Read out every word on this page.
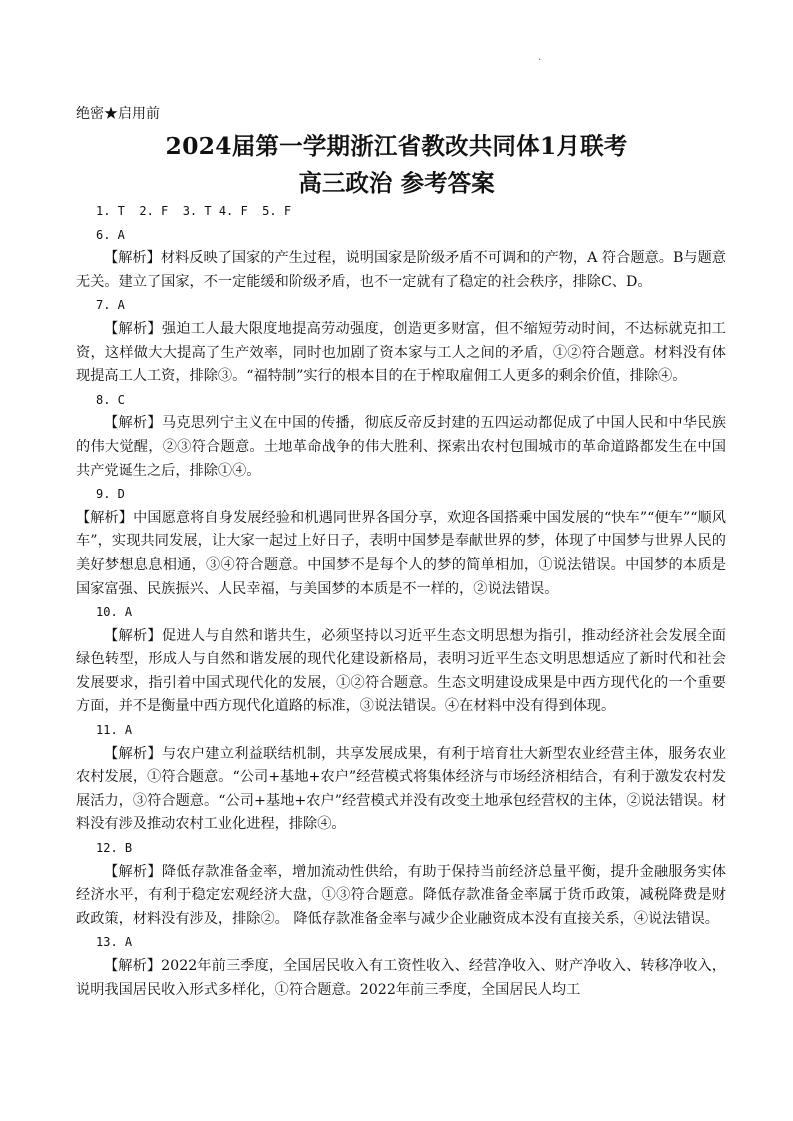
.
绝密★启用前
2024届第一学期浙江省教改共同体1月联考
高三政治 参考答案
1. T  2. F  3. T 4. F  5. F
6. A
【解析】材料反映了国家的产生过程，说明国家是阶级矛盾不可调和的产物，A 符合题意。B与题意无关。建立了国家，不一定能缓和阶级矛盾，也不一定就有了稳定的社会秩序，排除C、D。
7. A
【解析】强迫工人最大限度地提高劳动强度，创造更多财富，但不缩短劳动时间，不达标就克扣工资，这样做大大提高了生产效率，同时也加剧了资本家与工人之间的矛盾，①②符合题意。材料没有体现提高工人工资，排除③。“福特制”实行的根本目的在于榨取雇佣工人更多的剩余价值，排除④。
8. C
【解析】马克思列宁主义在中国的传播，彻底反帝反封建的五四运动都促成了中国人民和中华民族的伟大觉醒，②③符合题意。土地革命战争的伟大胜利、探索出农村包围城市的革命道路都发生在中国共产党诞生之后，排除①④。
9. D
【解析】中国愿意将自身发展经验和机遇同世界各国分享，欢迎各国搭乘中国发展的“快车”“便车”“顺风车”，实现共同发展，让大家一起过上好日子，表明中国梦是奉献世界的梦，体现了中国梦与世界人民的美好梦想息息相通，③④符合题意。中国梦不是每个人的梦的简单相加，①说法错误。中国梦的本质是国家富强、民族振兴、人民幸福，与美国梦的本质是不一样的，②说法错误。
10. A
【解析】促进人与自然和谐共生，必须坚持以习近平生态文明思想为指引，推动经济社会发展全面绿色转型，形成人与自然和谐发展的现代化建设新格局，表明习近平生态文明思想适应了新时代和社会发展要求，指引着中国式现代化的发展，①②符合题意。生态文明建设成果是中西方现代化的一个重要方面，并不是衡量中西方现代化道路的标准，③说法错误。④在材料中没有得到体现。
11. A
【解析】与农户建立利益联结机制，共享发展成果，有利于培育壮大新型农业经营主体，服务农业农村发展，①符合题意。“公司+基地+农户”经营模式将集体经济与市场经济相结合，有利于激发农村发展活力，③符合题意。“公司+基地+农户”经营模式并没有改变土地承包经营权的主体，②说法错误。材料没有涉及推动农村工业化进程，排除④。
12. B
【解析】降低存款准备金率，增加流动性供给，有助于保持当前经济总量平衡，提升金融服务实体经济水平，有利于稳定宏观经济大盘，①③符合题意。降低存款准备金率属于货币政策，减税降费是财政政策，材料没有涉及，排除②。 降低存款准备金率与减少企业融资成本没有直接关系，④说法错误。
13. A
【解析】2022年前三季度，全国居民收入有工资性收入、经营净收入、财产净收入、转移净收入，说明我国居民收入形式多样化，①符合题意。2022年前三季度，全国居民人均工
